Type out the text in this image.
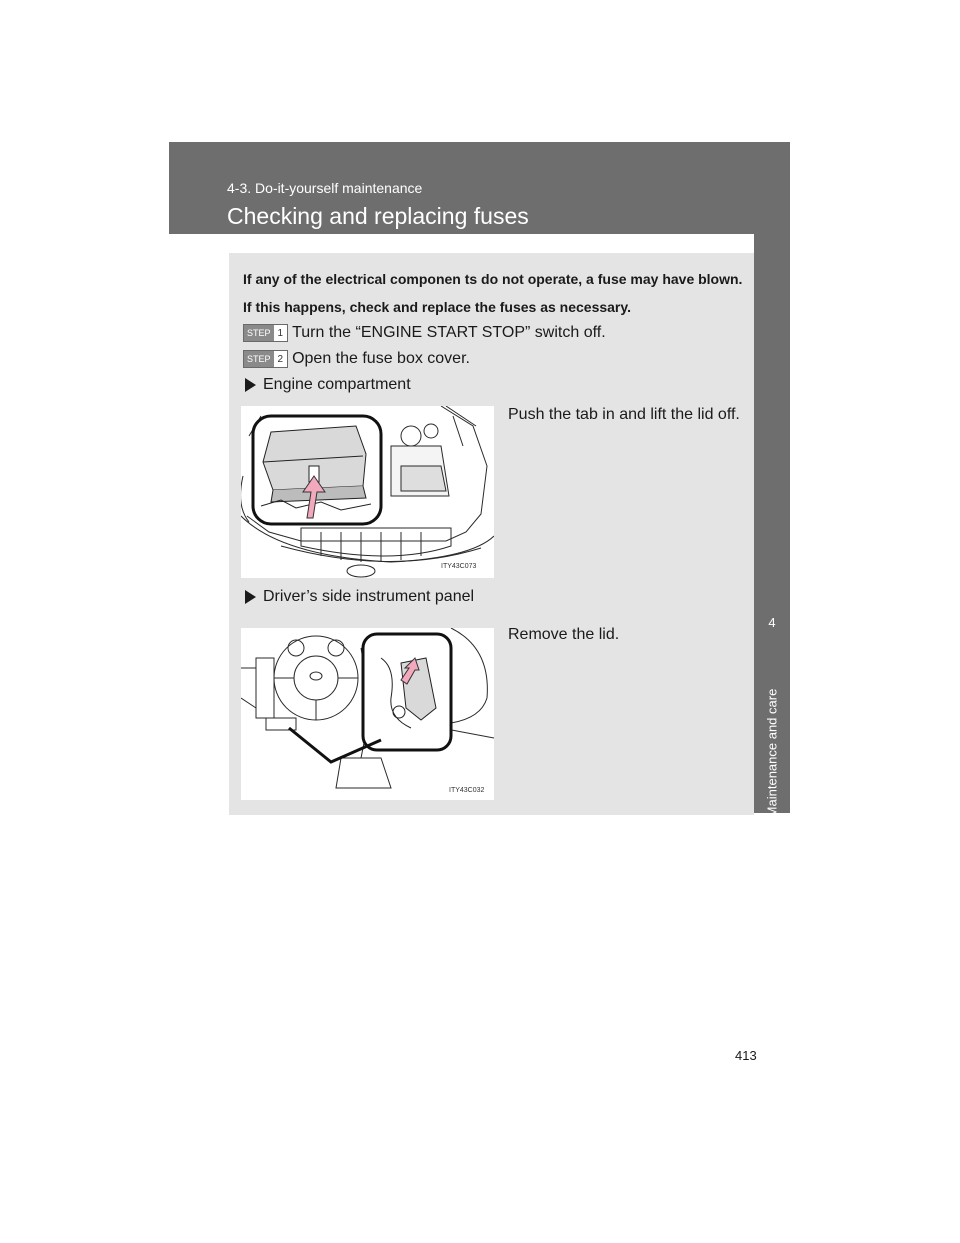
4-3. Do-it-yourself maintenance
Checking and replacing fuses
4
Maintenance and care
If any of the electrical componen ts do not operate, a fuse may have blown. If this happens, check and replace the fuses as necessary.
STEP 1 Turn the “ENGINE START STOP” switch off.
STEP 2 Open the fuse box cover.
Engine compartment
ITY43C073
Push the tab in and lift the lid off.
Driver’s side instrument panel
ITY43C032
Remove the lid.
413
